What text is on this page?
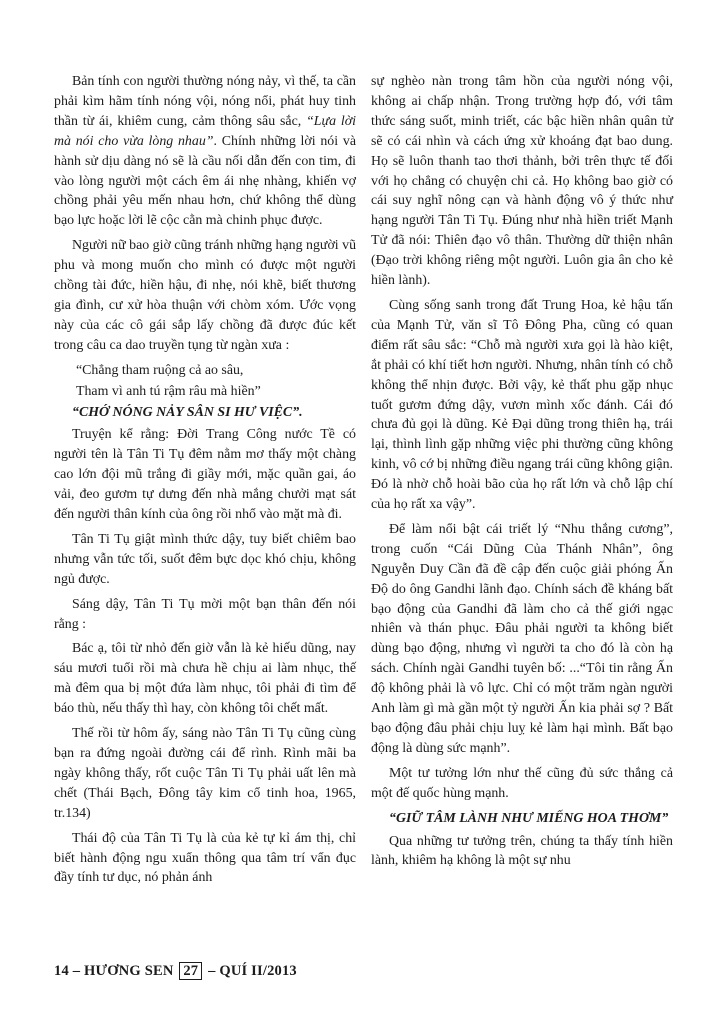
Bản tính con người thường nóng nảy, vì thế, ta cần phải kìm hãm tính nóng vội, nóng nổi, phát huy tinh thần từ ái, khiêm cung, cảm thông sâu sắc, “Lựa lời mà nói cho vừa lòng nhau”. Chính những lời nói và hành sử dịu dàng nó sẽ là cầu nối dẫn đến con tim, đi vào lòng người một cách êm ái nhẹ nhàng, khiến vợ chồng phải yêu mến nhau hơn, chứ không thể dùng bạo lực hoặc lời lẽ cộc cằn mà chinh phục được.

Người nữ bao giờ cũng tránh những hạng người vũ phu và mong muốn cho mình có được một người chồng tài đức, hiền hậu, đi nhẹ, nói khẽ, biết thương gia đình, cư xử hòa thuận với chòm xóm. Ước vọng này của các cô gái sắp lấy chồng đã được đúc kết trong câu ca dao truyền tụng từ ngàn xưa :

“Chẳng tham ruộng cả ao sâu,

Tham vì anh tú rậm râu mà hiền”

“CHỚ NÓNG NẢY SÂN SI HƯ VIỆC”.

Truyện kể rằng: Đời Trang Công nước Tề có người tên là Tân Ti Tụ đêm nằm mơ thấy một chàng cao lớn đội mũ trắng đi giầy mới, mặc quần gai, áo vải, đeo gươm tự dưng đến nhà mắng chưởi mạt sát đến người thân kính của ông rồi nhổ vào mặt mà đi.

Tân Ti Tụ giật mình thức dậy, tuy biết chiêm bao nhưng vẫn tức tối, suốt đêm bực dọc khó chịu, không ngủ được.

Sáng dậy, Tân Ti Tụ mời một bạn thân đến nói rằng :

Bác ạ, tôi từ nhỏ đến giờ vẫn là kẻ hiếu dũng, nay sáu mươi tuổi rồi mà chưa hề chịu ai làm nhục, thế mà đêm qua bị một đứa làm nhục, tôi phải đi tìm để báo thù, nếu thấy thì hay, còn không tôi chết mất.

Thế rồi từ hôm ấy, sáng nào Tân Ti Tụ cũng cùng bạn ra đứng ngoài đường cái để rình. Rình mãi ba ngày không thấy, rốt cuộc Tân Ti Tụ phải uất lên mà chết (Thái Bạch, Đông tây kim cổ tinh hoa, 1965, tr.134)

Thái độ của Tân Ti Tụ là của kẻ tự kỉ ám thị, chỉ biết hành động ngu xuẩn thông qua tâm trí vẩn đục đầy tính tư dục, nó phản ánh

sự nghèo nàn trong tâm hồn của người nóng vội, không ai chấp nhận. Trong trường hợp đó, với tâm thức sáng suốt, minh triết, các bậc hiền nhân quân tử sẽ có cái nhìn và cách ứng xử khoáng đạt bao dung. Họ sẽ luôn thanh tao thơi thảnh, bởi trên thực tế đối với họ chẳng có chuyện chi cả. Họ không bao giờ có cái suy nghĩ nông cạn và hành động vô ý thức như hạng người Tân Ti Tụ. Đúng như nhà hiền triết Mạnh Tử đã nói: Thiên đạo vô thân. Thường dữ thiện nhân (Đạo trời không riêng một người. Luôn gia ân cho kẻ hiền lành).

Cùng sống sanh trong đất Trung Hoa, kẻ hậu tấn của Mạnh Tử, văn sĩ Tô Đông Pha, cũng có quan điểm rất sâu sắc: “Chỗ mà người xưa gọi là hào kiệt, ắt phải có khí tiết hơn người. Nhưng, nhân tính có chỗ không thể nhịn được. Bởi vậy, kẻ thất phu gặp nhục tuốt gươm đứng dậy, vươn mình xốc đánh. Cái đó chưa đủ gọi là dũng. Kẻ Đại dũng trong thiên hạ, trái lại, thình lình gặp những việc phi thường cũng không kinh, vô cớ bị những điều ngang trái cũng không giận. Đó là nhờ chỗ hoài bão của họ rất lớn và chỗ lập chí của họ rất xa vậy”.

Để làm nổi bật cái triết lý “Nhu thắng cương”, trong cuốn “Cái Dũng Của Thánh Nhân”, ông Nguyễn Duy Cần đã đề cập đến cuộc giải phóng Ấn Độ do ông Gandhi lãnh đạo. Chính sách đề kháng bất bạo động của Gandhi đã làm cho cả thế giới ngạc nhiên và thán phục. Đâu phải người ta không biết dùng bạo động, nhưng vì người ta cho đó là còn hạ sách. Chính ngài Gandhi tuyên bố: ...“Tôi tin rằng Ấn độ không phải là vô lực. Chỉ có một trăm ngàn người Anh làm gì mà gần một tỷ người Ấn kia phải sợ ? Bất bạo động đâu phải chịu luỵ kẻ làm hại mình. Bất bạo động là dùng sức mạnh”.

Một tư tưởng lớn như thế cũng đủ sức thắng cả một đế quốc hùng mạnh.

“GIỮ TÂM LÀNH NHƯ MIẾNG HOA THƠM”

Qua những tư tưởng trên, chúng ta thấy tính hiền lành, khiêm hạ không là một sự nhu

14 – HƯƠNG SEN 27 – QUÍ II/2013
